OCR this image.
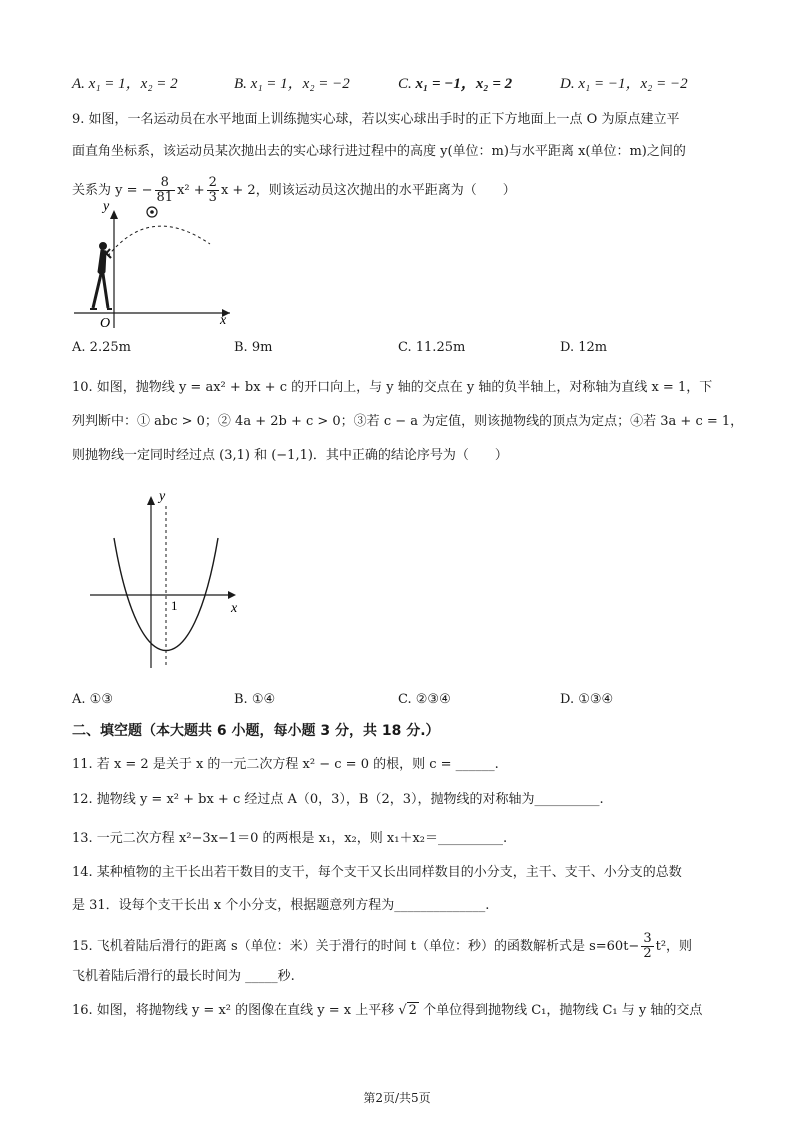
A. x₁ = 1，x₂ = 2	B. x₁ = 1，x₂ = −2	C. x₁ = −1，x₂ = 2	D. x₁ = −1，x₂ = −2
9. 如图，一名运动员在水平地面上训练抛实心球，若以实心球出手时的正下方地面上一点 O 为原点建立平
面直角坐标系，该运动员某次抛出去的实心球行进过程中的高度 y(单位：m)与水平距离 x(单位：m)之间的
关系为 y = − $\frac{8}{81} x^2 + \frac{2}{3}$ x + 2，则该运动员这次抛出的水平距离为（　　）
y
x
O
A. 2.25m	B. 9m	C. 11.25m	D. 12m
10. 如图，抛物线 y = ax² + bx + c 的开口向上，与 y 轴的交点在 y 轴的负半轴上，对称轴为直线 x = 1，下
列判断中：① abc > 0；② 4a + 2b + c > 0；③若 c − a 为定值，则该抛物线的顶点为定点；④若 3a + c = 1，
则抛物线一定同时经过点 (3,1) 和 (−1,1)．其中正确的结论序号为（　　）
y
x
1
A. ①③	B. ①④	C. ②③④	D. ①③④
二、填空题（本大题共 6 小题，每小题 3 分，共 18 分.）
11. 若 x = 2 是关于 x 的一元二次方程 x² − c = 0 的根，则 c = ______.
12. 抛物线 y = x² + bx + c 经过点 A（0，3），B（2，3），抛物线的对称轴为__________.
13. 一元二次方程 x²−3x−1＝0 的两根是 x₁，x₂，则 x₁＋x₂＝__________.
14. 某种植物的主干长出若干数目的支干，每个支干又长出同样数目的小分支，主干、支干、小分支的总数
是 31．设每个支干长出 x 个小分支，根据题意列方程为______________.
15. 飞机着陆后滑行的距离 s（单位：米）关于滑行的时间 t（单位：秒）的函数解析式是 $s=60t- \frac{3}{2} t^2$，则
飞机着陆后滑行的最长时间为 _____秒.
16. 如图，将抛物线 y = x² 的图像在直线 y = x 上平移 √ 2 个单位得到抛物线 C₁，抛物线 C₁ 与 y 轴的交点
第2页/共5页
